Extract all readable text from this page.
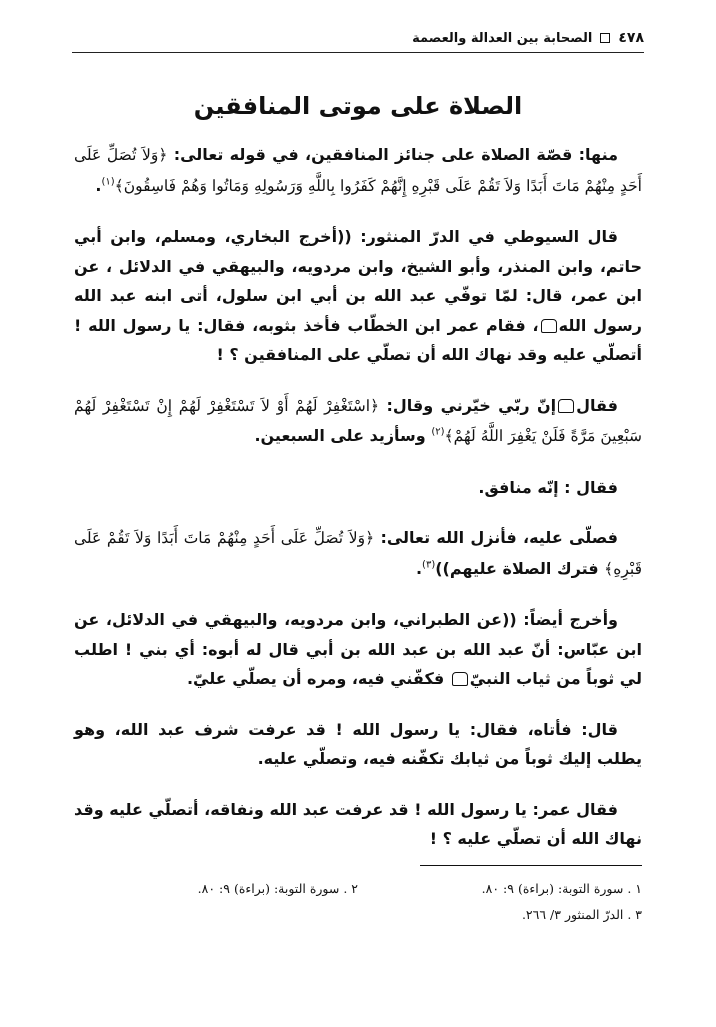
٤٧٨
الصحابة بين العدالة والعصمة
الصلاة على موتى المنافقين

منها: قصّة الصلاة على جنائز المنافقين، في قوله تعالى: ﴿وَلاَ تُصَلِّ عَلَى أَحَدٍ مِنْهُمْ مَاتَ أَبَدًا وَلاَ تَقُمْ عَلَى قَبْرِهِ إِنَّهُمْ كَفَرُوا بِاللَّهِ وَرَسُولِهِ وَمَاتُوا وَهُمْ فَاسِقُونَ﴾$^{(١)}$.

قال السيوطي في الدرّ المنثور: ((أخرج البخاري، ومسلم، وابن أبي حاتم، وابن المنذر، وأبو الشيخ، وابن مردويه، والبيهقي في الدلائل ، عن ابن عمر، قال: لمّا توفّي عبد الله بن أبي ابن سلول، أتى ابنه عبد الله رسول الله، فقام عمر ابن الخطّاب فأخذ بثوبه، فقال: يا رسول الله ! أتصلّي عليه وقد نهاك الله أن تصلّي على المنافقين ؟ !

فقالإنّ ربّي خيّرني وقال: ﴿اسْتَغْفِرْ لَهُمْ أَوْ لاَ تَسْتَغْفِرْ لَهُمْ إِنْ تَسْتَغْفِرْ لَهُمْ سَبْعِينَ مَرَّةً فَلَنْ يَغْفِرَ اللَّهُ لَهُمْ﴾$^{(٢)}$ وسأزيد على السبعين.

فقال : إنّه منافق.

فصلّى عليه، فأنزل الله تعالى: ﴿وَلاَ تُصَلِّ عَلَى أَحَدٍ مِنْهُمْ مَاتَ أَبَدًا وَلاَ تَقُمْ عَلَى قَبْرِهِ﴾ فترك الصلاة عليهم))$^{(٣)}$.

وأخرج أيضاً: ((عن الطبراني، وابن مردويه، والبيهقي في الدلائل، عن ابن عبّاس: أنّ عبد الله بن عبد الله بن أبي قال له أبوه: أي بني ! اطلب لي ثوباً من ثياب النبيّ فكفّني فيه، ومره أن يصلّي عليّ.

قال: فأتاه، فقال: يا رسول الله ! قد عرفت شرف عبد الله، وهو يطلب إليك ثوباً من ثيابك تكفّنه فيه، وتصلّي عليه.

فقال عمر: يا رسول الله ! قد عرفت عبد الله ونفاقه، أتصلّي عليه وقد نهاك الله أن تصلّي عليه ؟ !

١ . سورة التوبة: (براءة) ٩: ٨٠.
٢ . سورة التوبة: (براءة) ٩: ٨٠.
٣ . الدرّ المنثور ٣/ ٢٦٦.
